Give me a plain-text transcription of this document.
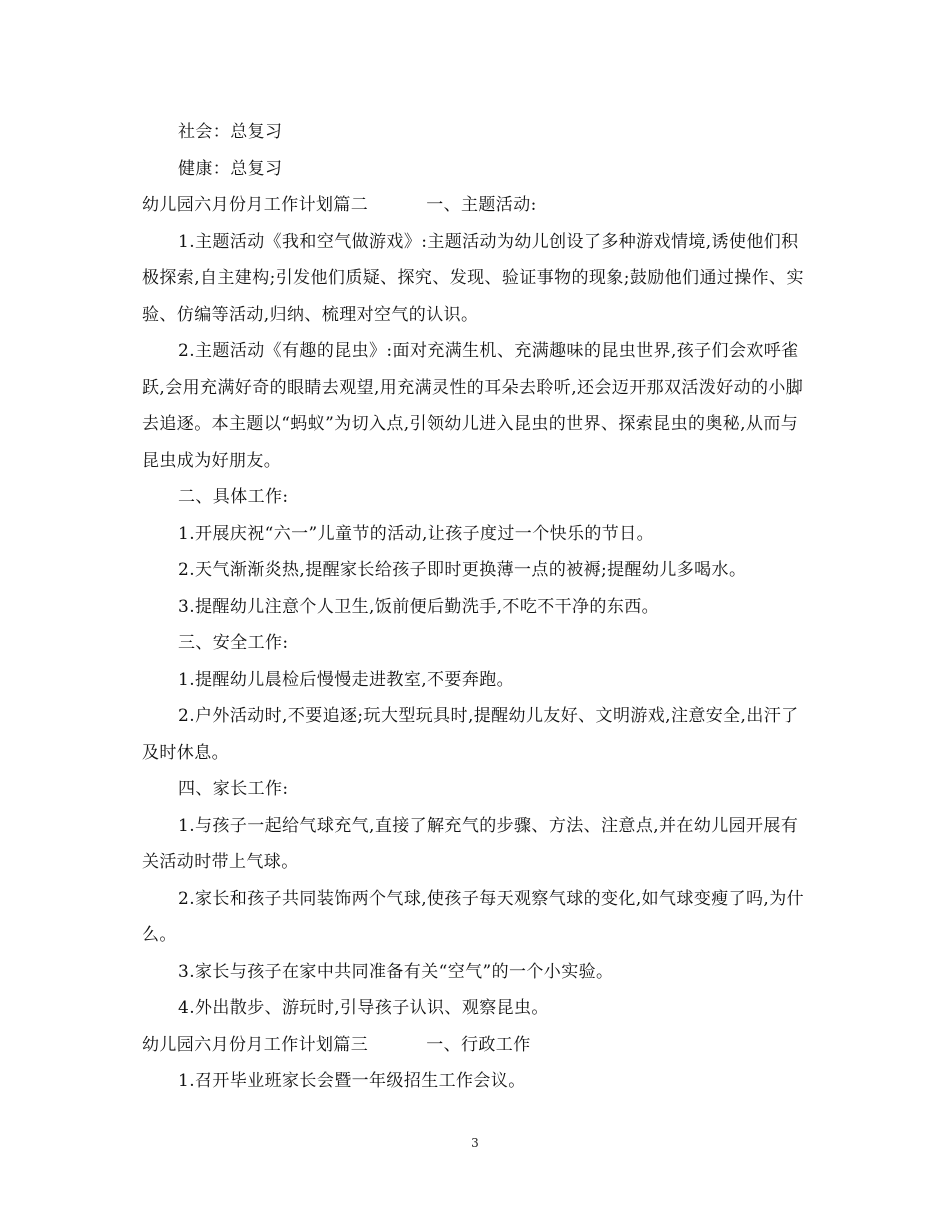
社会：总复习

健康：总复习

幼儿园六月份月工作计划篇二	一、主题活动:

1.主题活动《我和空气做游戏》:主题活动为幼儿创设了多种游戏情境,诱使他们积极探索,自主建构;引发他们质疑、探究、发现、验证事物的现象;鼓励他们通过操作、实验、仿编等活动,归纳、梳理对空气的认识。

2.主题活动《有趣的昆虫》:面对充满生机、充满趣味的昆虫世界,孩子们会欢呼雀跃,会用充满好奇的眼睛去观望,用充满灵性的耳朵去聆听,还会迈开那双活泼好动的小脚去追逐。本主题以“蚂蚁”为切入点,引领幼儿进入昆虫的世界、探索昆虫的奥秘,从而与昆虫成为好朋友。

二、具体工作:

1.开展庆祝“六一”儿童节的活动,让孩子度过一个快乐的节日。

2.天气渐渐炎热,提醒家长给孩子即时更换薄一点的被褥;提醒幼儿多喝水。

3.提醒幼儿注意个人卫生,饭前便后勤洗手,不吃不干净的东西。

三、安全工作:

1.提醒幼儿晨检后慢慢走进教室,不要奔跑。

2.户外活动时,不要追逐;玩大型玩具时,提醒幼儿友好、文明游戏,注意安全,出汗了及时休息。

四、家长工作:

1.与孩子一起给气球充气,直接了解充气的步骤、方法、注意点,并在幼儿园开展有关活动时带上气球。

2.家长和孩子共同装饰两个气球,使孩子每天观察气球的变化,如气球变瘦了吗,为什么。

3.家长与孩子在家中共同准备有关“空气”的一个小实验。

4.外出散步、游玩时,引导孩子认识、观察昆虫。

幼儿园六月份月工作计划篇三	一、行政工作

1.召开毕业班家长会暨一年级招生工作会议。

3
